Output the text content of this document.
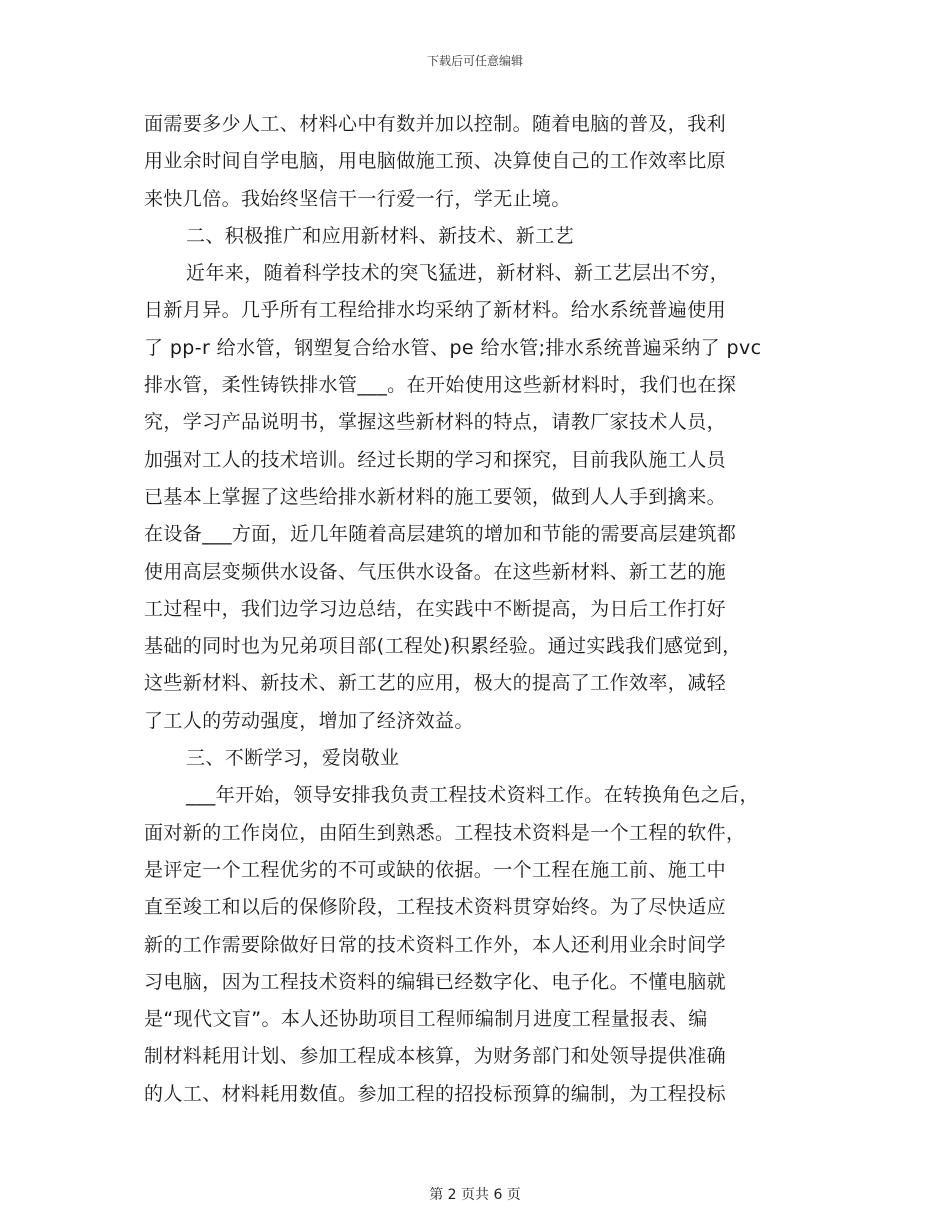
下载后可任意编辑
面需要多少人工、材料心中有数并加以控制。随着电脑的普及，我利
用业余时间自学电脑，用电脑做施工预、决算使自己的工作效率比原
来快几倍。我始终坚信干一行爱一行，学无止境。
二、积极推广和应用新材料、新技术、新工艺
近年来，随着科学技术的突飞猛进，新材料、新工艺层出不穷，
日新月异。几乎所有工程给排水均采纳了新材料。给水系统普遍使用
了 pp-r 给水管，钢塑复合给水管、pe 给水管;排水系统普遍采纳了 pvc
排水管，柔性铸铁排水管___。在开始使用这些新材料时，我们也在探
究，学习产品说明书，掌握这些新材料的特点，请教厂家技术人员，
加强对工人的技术培训。经过长期的学习和探究，目前我队施工人员
已基本上掌握了这些给排水新材料的施工要领，做到人人手到擒来。
在设备___方面，近几年随着高层建筑的增加和节能的需要高层建筑都
使用高层变频供水设备、气压供水设备。在这些新材料、新工艺的施
工过程中，我们边学习边总结，在实践中不断提高，为日后工作打好
基础的同时也为兄弟项目部(工程处)积累经验。通过实践我们感觉到，
这些新材料、新技术、新工艺的应用，极大的提高了工作效率，减轻
了工人的劳动强度，增加了经济效益。
三、不断学习，爱岗敬业
___年开始，领导安排我负责工程技术资料工作。在转换角色之后，
面对新的工作岗位，由陌生到熟悉。工程技术资料是一个工程的软件，
是评定一个工程优劣的不可或缺的依据。一个工程在施工前、施工中
直至竣工和以后的保修阶段，工程技术资料贯穿始终。为了尽快适应
新的工作需要除做好日常的技术资料工作外，本人还利用业余时间学
习电脑，因为工程技术资料的编辑已经数字化、电子化。不懂电脑就
是“现代文盲”。本人还协助项目工程师编制月进度工程量报表、编
制材料耗用计划、参加工程成本核算，为财务部门和处领导提供准确
的人工、材料耗用数值。参加工程的招投标预算的编制，为工程投标
第 2 页共 6 页
